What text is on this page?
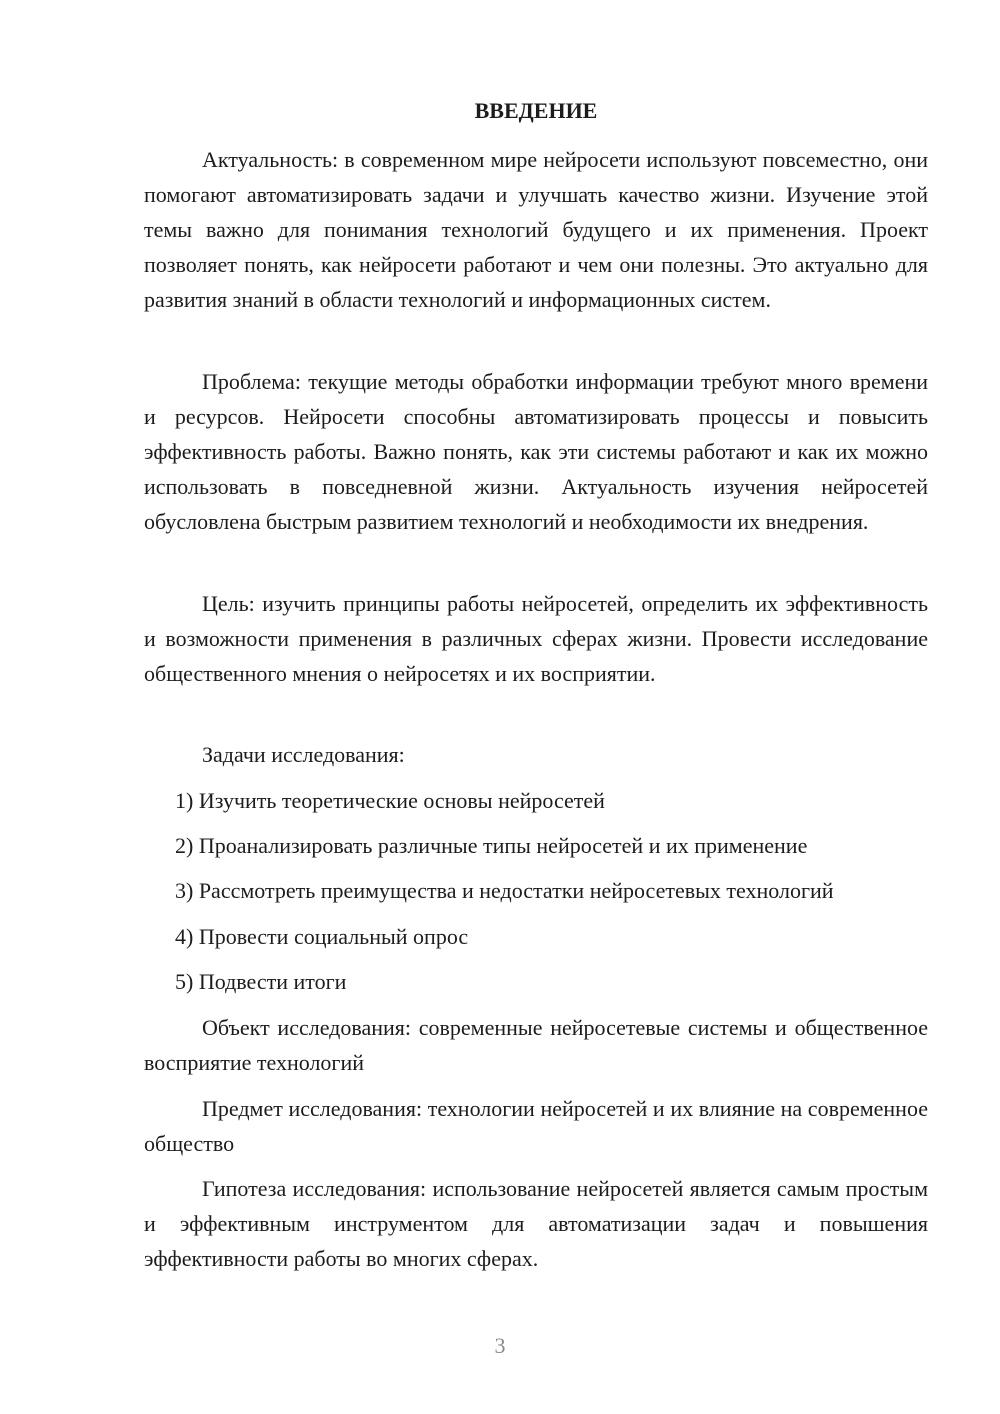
ВВЕДЕНИЕ

Актуальность: в современном мире нейросети используют повсеместно, они помогают автоматизировать задачи и улучшать качество жизни. Изучение этой темы важно для понимания технологий будущего и их применения. Проект позволяет понять, как нейросети работают и чем они полезны. Это актуально для развития знаний в области технологий и информационных систем.

Проблема: текущие методы обработки информации требуют много времени и ресурсов. Нейросети способны автоматизировать процессы и повысить эффективность работы. Важно понять, как эти системы работают и как их можно использовать в повседневной жизни. Актуальность изучения нейросетей обусловлена быстрым развитием технологий и необходимости их внедрения.

Цель: изучить принципы работы нейросетей, определить их эффективность и возможности применения в различных сферах жизни. Провести исследование общественного мнения о нейросетях и их восприятии.

Задачи исследования:

1) Изучить теоретические основы нейросетей

2) Проанализировать различные типы нейросетей и их применение

3) Рассмотреть преимущества и недостатки нейросетевых технологий

4) Провести социальный опрос

5) Подвести итоги

Объект исследования: современные нейросетевые системы и общественное восприятие технологий

Предмет исследования: технологии нейросетей и их влияние на современное общество

Гипотеза исследования: использование нейросетей является самым простым и эффективным инструментом для автоматизации задач и повышения эффективности работы во многих сферах.

3
